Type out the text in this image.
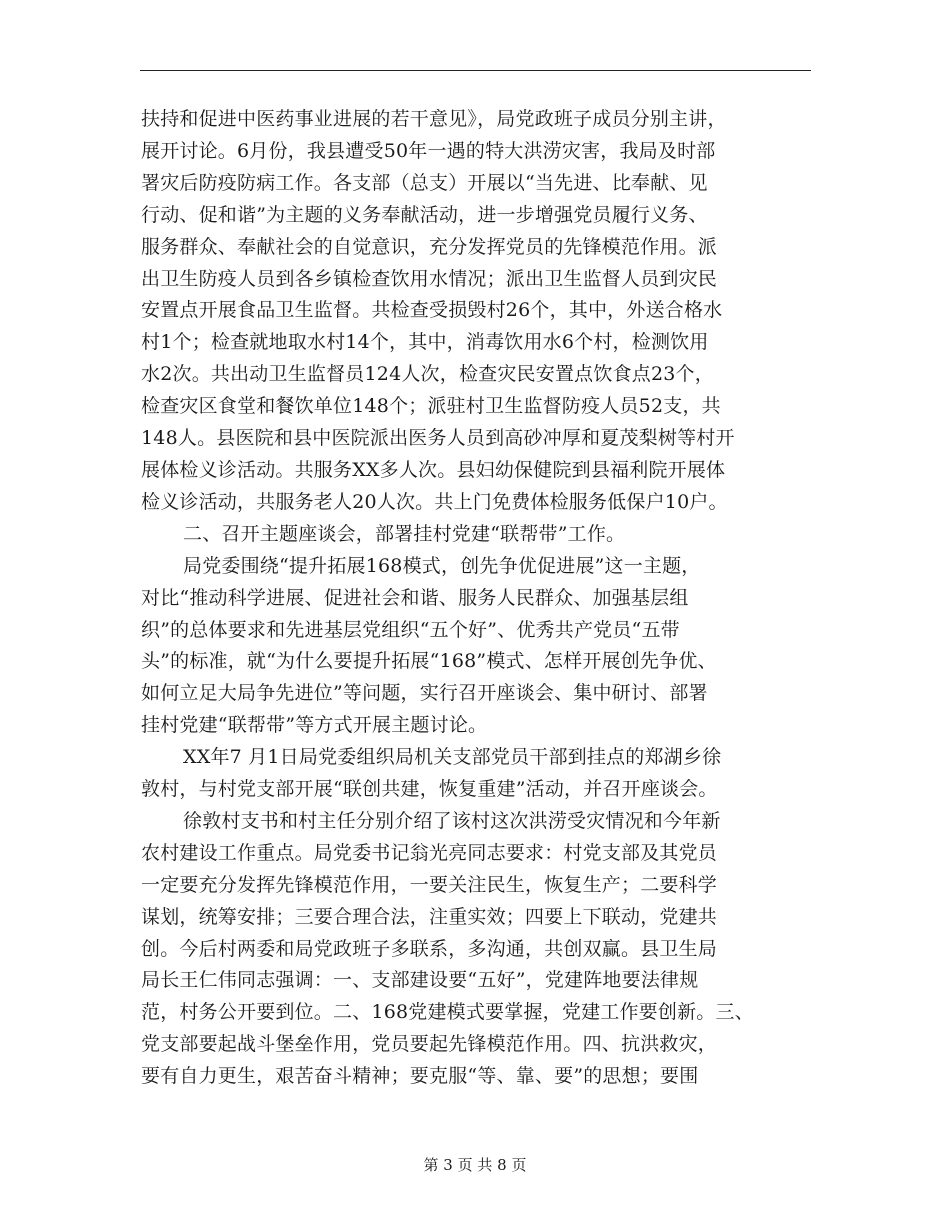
扶持和促进中医药事业进展的若干意见》，局党政班子成员分别主讲，
展开讨论。6月份，我县遭受50年一遇的特大洪涝灾害，我局及时部
署灾后防疫防病工作。各支部（总支）开展以“当先进、比奉献、见
行动、促和谐”为主题的义务奉献活动，进一步增强党员履行义务、
服务群众、奉献社会的自觉意识，充分发挥党员的先锋模范作用。派
出卫生防疫人员到各乡镇检查饮用水情况；派出卫生监督人员到灾民
安置点开展食品卫生监督。共检查受损毁村26个，其中，外送合格水
村1个；检查就地取水村14个，其中，消毒饮用水6个村，检测饮用
水2次。共出动卫生监督员124人次，检查灾民安置点饮食点23个，
检查灾区食堂和餐饮单位148个；派驻村卫生监督防疫人员52支，共
148人。县医院和县中医院派出医务人员到高砂冲厚和夏茂梨树等村开
展体检义诊活动。共服务XX多人次。县妇幼保健院到县福利院开展体
检义诊活动，共服务老人20人次。共上门免费体检服务低保户10户。
二、召开主题座谈会，部署挂村党建“联帮带”工作。
局党委围绕“提升拓展168模式，创先争优促进展”这一主题，
对比“推动科学进展、促进社会和谐、服务人民群众、加强基层组
织”的总体要求和先进基层党组织“五个好”、优秀共产党员“五带
头”的标准，就“为什么要提升拓展“168”模式、怎样开展创先争优、
如何立足大局争先进位”等问题，实行召开座谈会、集中研讨、部署
挂村党建“联帮带”等方式开展主题讨论。
XX年7 月1日局党委组织局机关支部党员干部到挂点的郑湖乡徐
敦村，与村党支部开展“联创共建，恢复重建”活动，并召开座谈会。
徐敦村支书和村主任分别介绍了该村这次洪涝受灾情况和今年新
农村建设工作重点。局党委书记翁光亮同志要求：村党支部及其党员
一定要充分发挥先锋模范作用，一要关注民生，恢复生产；二要科学
谋划，统筹安排；三要合理合法，注重实效；四要上下联动，党建共
创。今后村两委和局党政班子多联系，多沟通，共创双赢。县卫生局
局长王仁伟同志强调：一、支部建设要“五好”，党建阵地要法律规
范，村务公开要到位。二、168党建模式要掌握，党建工作要创新。三、
党支部要起战斗堡垒作用，党员要起先锋模范作用。四、抗洪救灾，
要有自力更生，艰苦奋斗精神；要克服“等、靠、要”的思想；要围
第 3 页 共 8 页
